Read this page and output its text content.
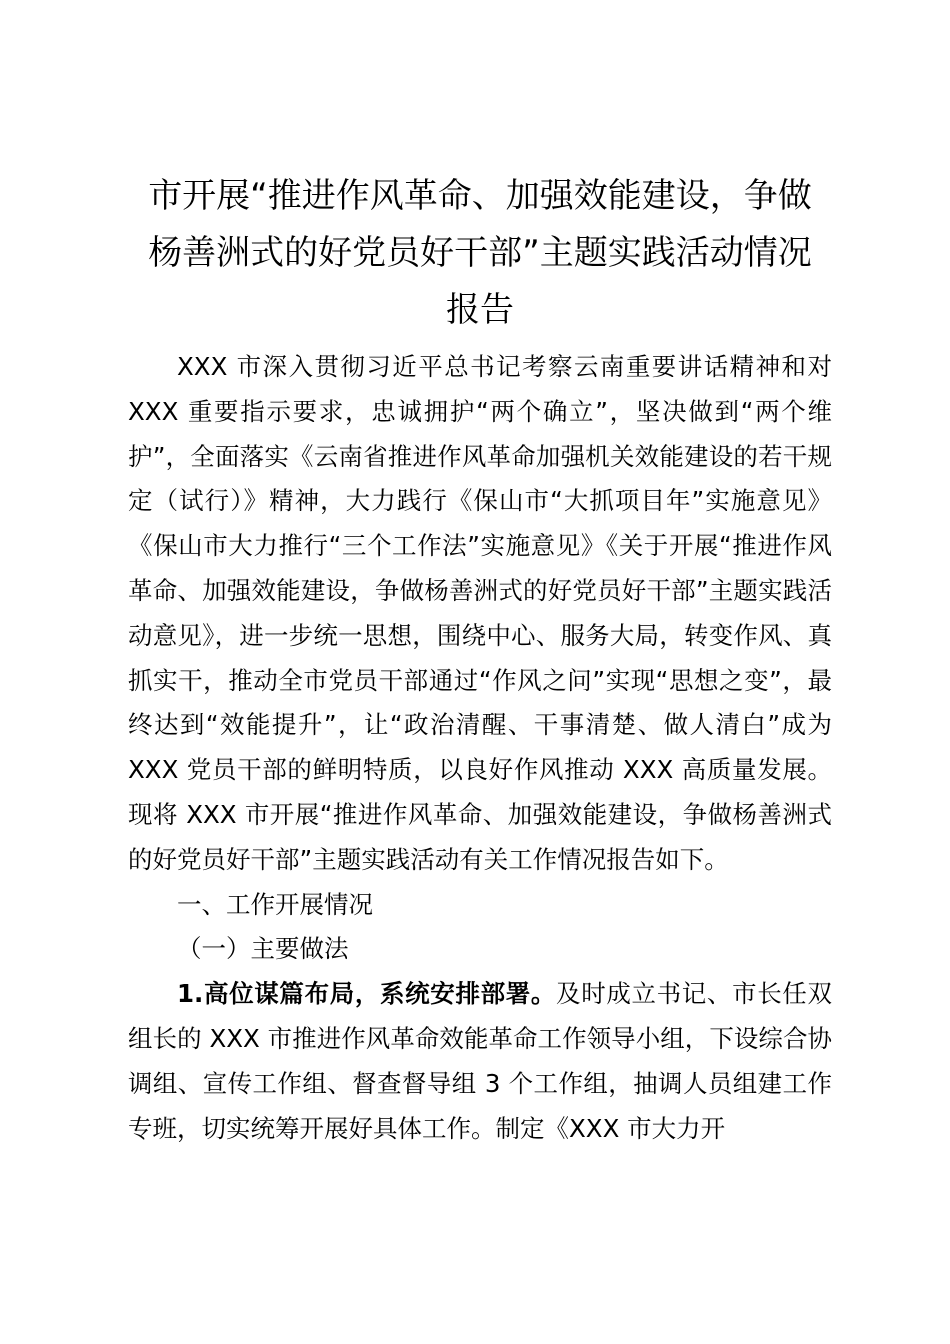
市开展“推进作风革命、加强效能建设，争做
杨善洲式的好党员好干部”主题实践活动情况
报告

XXX 市深入贯彻习近平总书记考察云南重要讲话精神和对 XXX 重要指示要求，忠诚拥护“两个确立”，坚决做到“两个维护”，全面落实《云南省推进作风革命加强机关效能建设的若干规定（试行）》精神，大力践行《保山市“大抓项目年”实施意见》《保山市大力推行“三个工作法”实施意见》《关于开展“推进作风革命、加强效能建设，争做杨善洲式的好党员好干部”主题实践活动意见》，进一步统一思想，围绕中心、服务大局，转变作风、真抓实干，推动全市党员干部通过“作风之问”实现“思想之变”，最终达到“效能提升”，让“政治清醒、干事清楚、做人清白”成为 XXX 党员干部的鲜明特质，以良好作风推动 XXX 高质量发展。现将 XXX 市开展“推进作风革命、加强效能建设，争做杨善洲式的好党员好干部”主题实践活动有关工作情况报告如下。

一、工作开展情况

（一）主要做法

1.高位谋篇布局，系统安排部署。及时成立书记、市长任双组长的 XXX 市推进作风革命效能革命工作领导小组，下设综合协调组、宣传工作组、督查督导组 3 个工作组，抽调人员组建工作专班，切实统筹开展好具体工作。制定《XXX 市大力开
